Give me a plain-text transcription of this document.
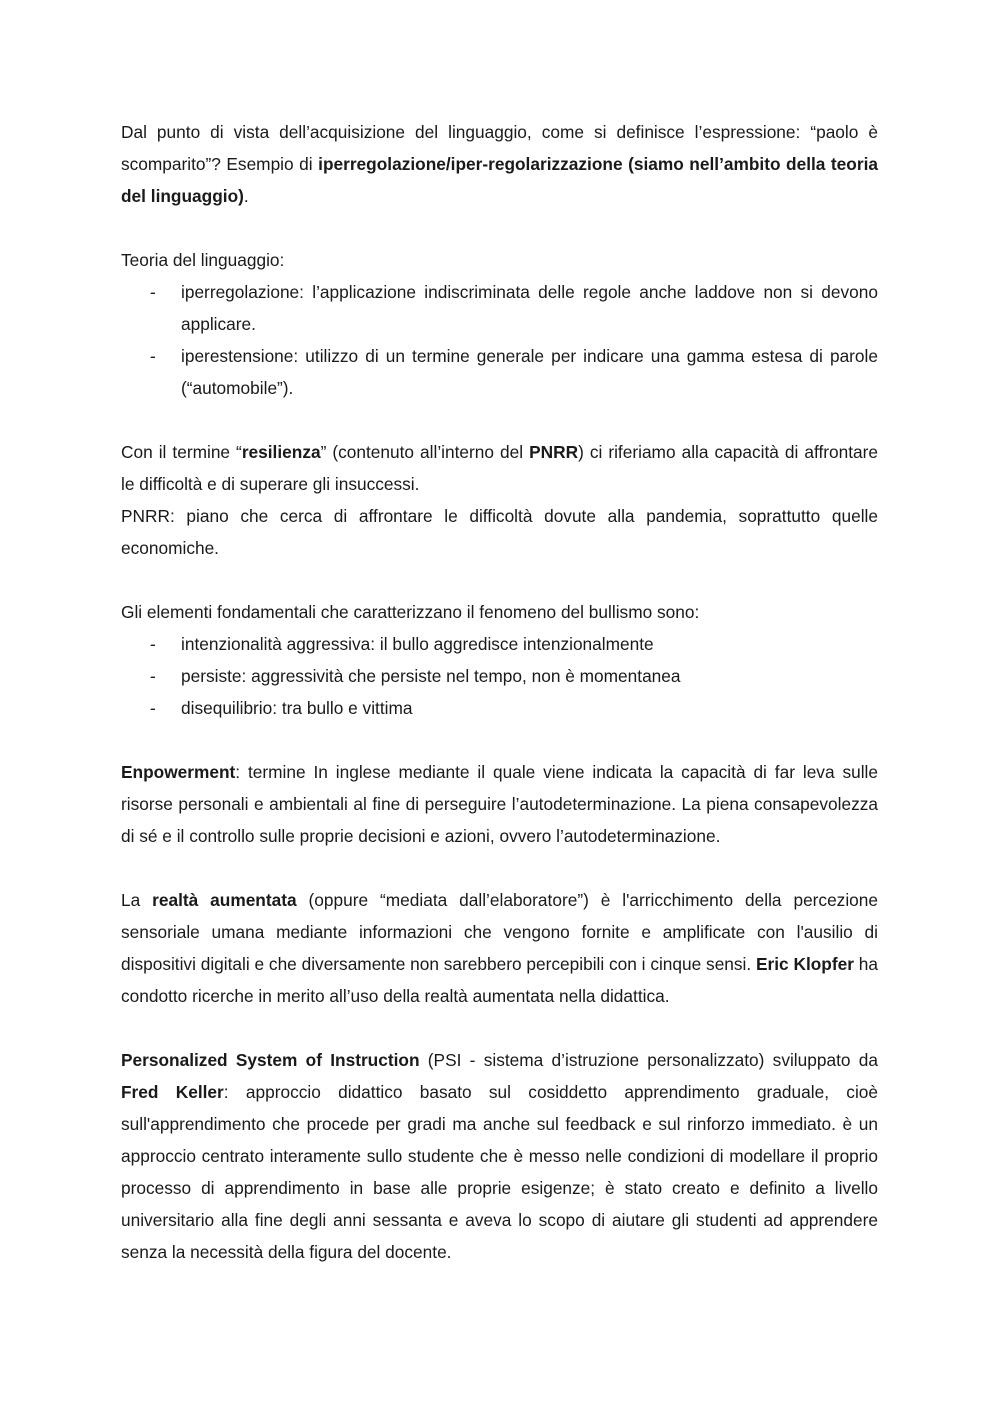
Dal punto di vista dell’acquisizione del linguaggio, come si definisce l’espressione: “paolo è scomparito”? Esempio di iperregolazione/iper-regolarizzazione (siamo nell’ambito della teoria del linguaggio).

Teoria del linguaggio:

- iperregolazione: l’applicazione indiscriminata delle regole anche laddove non si devono applicare.
- iperestensione: utilizzo di un termine generale per indicare una gamma estesa di parole (“automobile”).

Con il termine “resilienza” (contenuto all’interno del PNRR) ci riferiamo alla capacità di affrontare le difficoltà e di superare gli insuccessi.

PNRR: piano che cerca di affrontare le difficoltà dovute alla pandemia, soprattutto quelle economiche.

Gli elementi fondamentali che caratterizzano il fenomeno del bullismo sono:

- intenzionalità aggressiva: il bullo aggredisce intenzionalmente
- persiste: aggressività che persiste nel tempo, non è momentanea
- disequilibrio: tra bullo e vittima

Enpowerment: termine In inglese mediante il quale viene indicata la capacità di far leva sulle risorse personali e ambientali al fine di perseguire l’autodeterminazione. La piena consapevolezza di sé e il controllo sulle proprie decisioni e azioni, ovvero l’autodeterminazione.

La realtà aumentata (oppure “mediata dall’elaboratore”) è l'arricchimento della percezione sensoriale umana mediante informazioni che vengono fornite e amplificate con l'ausilio di dispositivi digitali e che diversamente non sarebbero percepibili con i cinque sensi. Eric Klopfer ha condotto ricerche in merito all’uso della realtà aumentata nella didattica.

Personalized System of Instruction (PSI - sistema d’istruzione personalizzato) sviluppato da Fred Keller: approccio didattico basato sul cosiddetto apprendimento graduale, cioè sull'apprendimento che procede per gradi ma anche sul feedback e sul rinforzo immediato. è un approccio centrato interamente sullo studente che è messo nelle condizioni di modellare il proprio processo di apprendimento in base alle proprie esigenze; è stato creato e definito a livello universitario alla fine degli anni sessanta e aveva lo scopo di aiutare gli studenti ad apprendere senza la necessità della figura del docente.
